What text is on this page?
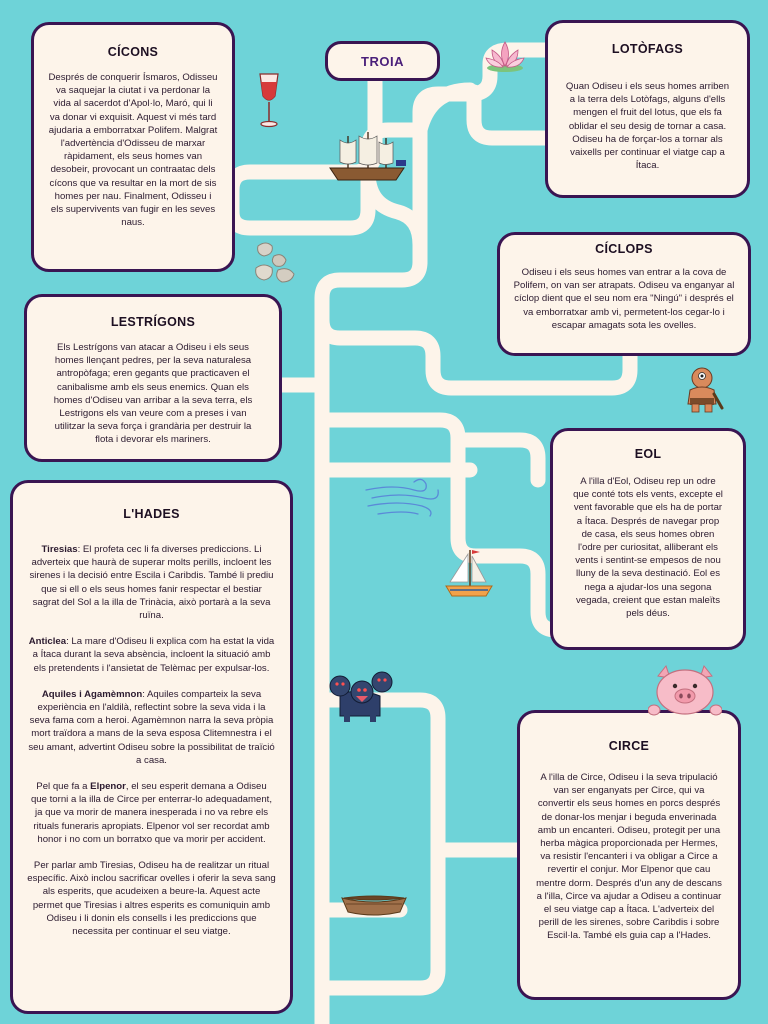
TROIA
CÍCONS

Després de conquerir Ísmaros, Odisseu va saquejar la ciutat i va perdonar la vida al sacerdot d'Apol·lo, Maró, qui li va donar vi exquisit. Aquest vi més tard ajudaria a emborratxar Polifem. Malgrat l'advertència d'Odisseu de marxar ràpidament, els seus homes van desobeir, provocant un contraatac dels cícons que va resultar en la mort de sis homes per nau. Finalment, Odisseu i els supervivents van fugir en les seves naus.

LOTÒFAGS

Quan Odiseu i els seus homes arriben a la terra dels Lotòfags, alguns d'ells mengen el fruit del lotus, que els fa oblidar el seu desig de tornar a casa. Odiseu ha de forçar-los a tornar als vaixells per continuar el viatge cap a Ítaca.

CÍCLOPS

Odiseu i els seus homes van entrar a la cova de Polifem, on van ser atrapats. Odiseu va enganyar al cíclop dient que el seu nom era "Ningú" i després el va emborratxar amb vi, permetent-los cegar-lo i escapar amagats sota les ovelles.

LESTRÍGONS

Els Lestrígons van atacar a Odiseu i els seus homes llençant pedres, per la seva naturalesa antropòfaga; eren gegants que practicaven el canibalisme amb els seus enemics. Quan els homes d'Odiseu van arribar a la seva terra, els Lestrigons els van veure com a preses i van utilitzar la seva força i grandària per destruir la flota i devorar els mariners.

EOL

A l'illa d'Eol, Odiseu rep un odre que conté tots els vents, excepte el vent favorable que els ha de portar a Ítaca. Després de navegar prop de casa, els seus homes obren l'odre per curiositat, alliberant els vents i sentint-se empesos de nou lluny de la seva destinació. Eol es nega a ajudar-los una segona vegada, creient que estan maleïts pels déus.

L'HADES

Tiresias: El profeta cec li fa diverses prediccions. Li adverteix que haurà de superar molts perills, incloent les sirenes i la decisió entre Escila i Caribdis. També li prediu que si ell o els seus homes fanir respectar el bestiar sagrat del Sol a la illa de Trinàcia, això portarà a la seva ruïna.

Anticlea: La mare d'Odiseu li explica com ha estat la vida a Ítaca durant la seva absència, incloent la situació amb els pretendents i l'ansietat de Telèmac per expulsar-los.

Aquiles i Agamèmnon: Aquiles comparteix la seva experiència en l'aldilà, reflectint sobre la seva vida i la seva fama com a heroi. Agamèmnon narra la seva pròpia mort traïdora a mans de la seva esposa Clitemnestra i el seu amant, advertint Odiseu sobre la possibilitat de traïció a casa.

Pel que fa a Elpenor, el seu esperit demana a Odiseu que torni a la illa de Circe per enterrar-lo adequadament, ja que va morir de manera inesperada i no va rebre els rituals funeraris apropiats. Elpenor vol ser recordat amb honor i no com un borratxo que va morir per accident.

Per parlar amb Tiresias, Odiseu ha de realitzar un ritual específic. Això inclou sacrificar ovelles i oferir la seva sang als esperits, que acudeixen a beure-la. Aquest acte permet que Tiresias i altres esperits es comuniquin amb Odiseu i li donin els consells i les prediccions que necessita per continuar el seu viatge.

CIRCE

A l'illa de Circe, Odiseu i la seva tripulació van ser enganyats per Circe, qui va convertir els seus homes en porcs després de donar-los menjar i beguda enverinada amb un encanteri. Odiseu, protegit per una herba màgica proporcionada per Hermes, va resistir l'encanteri i va obligar a Circe a revertir el conjur. Mor Elpenor que cau mentre dorm. Després d'un any de descans a l'illa, Circe va ajudar a Odiseu a continuar el seu viatge cap a Ítaca. L'adverteix del perill de les sirenes, sobre Caribdis i sobre Escil·la. També els guia cap a l'Hades.
